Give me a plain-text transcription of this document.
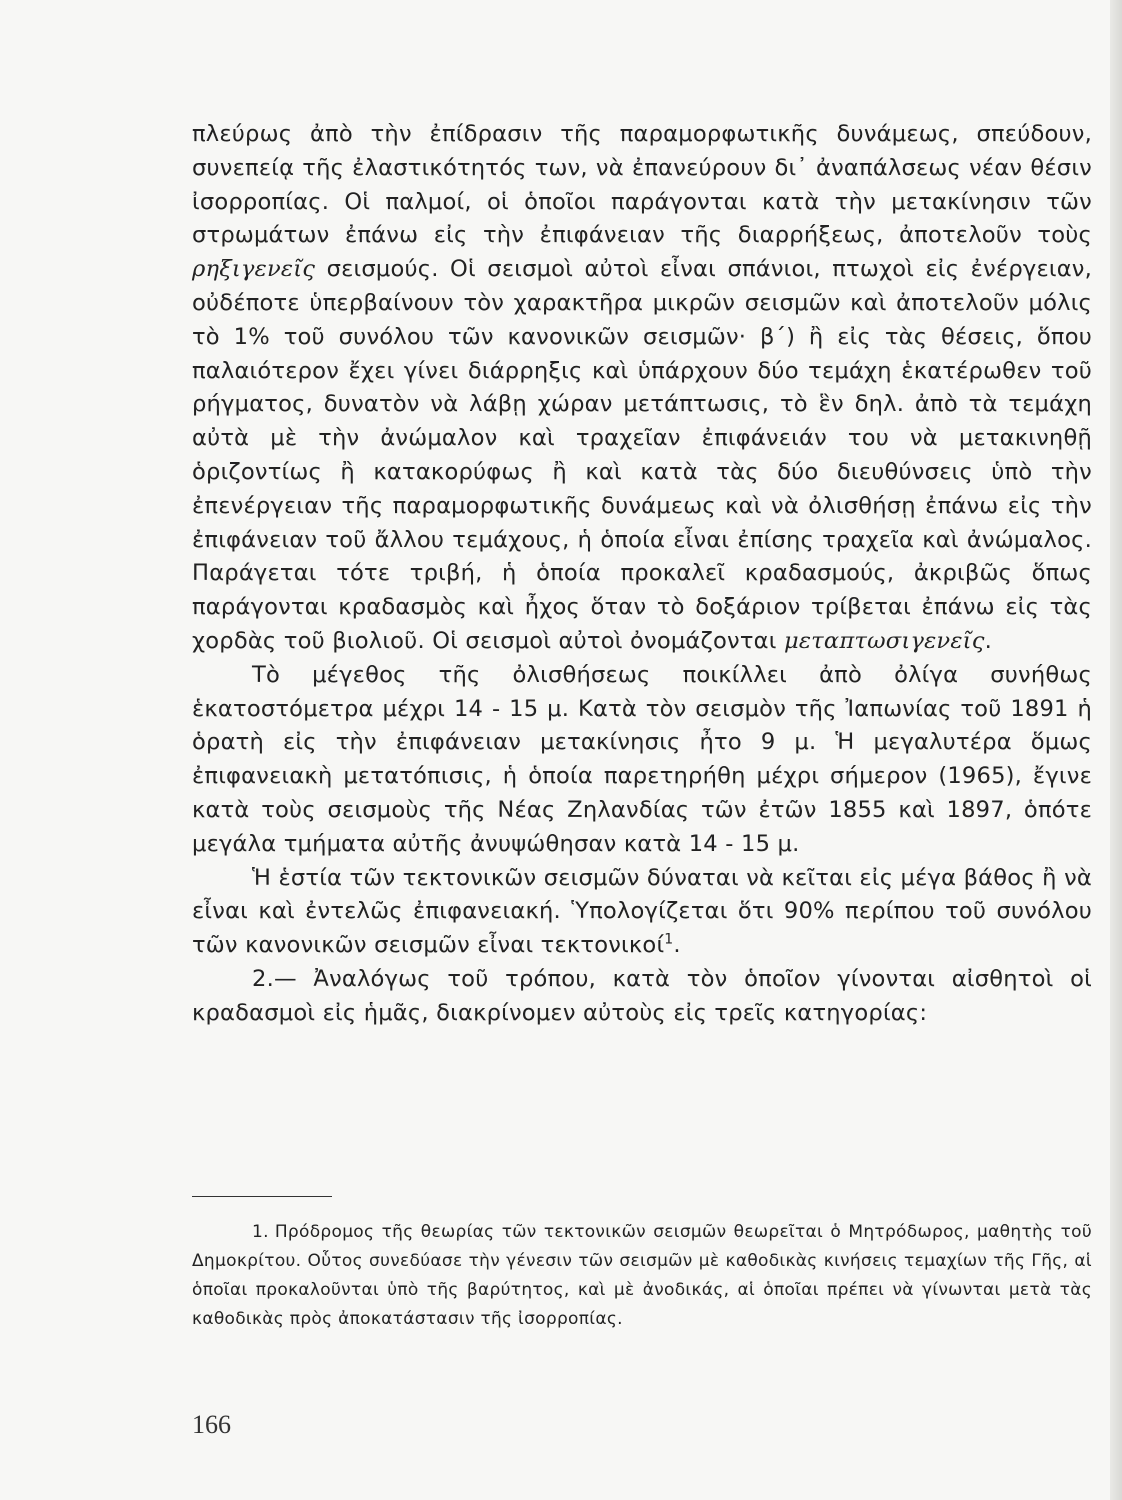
πλεύρως ἀπὸ τὴν ἐπίδρασιν τῆς παραμορφωτικῆς δυνάμεως, σπεύδουν, συνεπείᾳ τῆς ἐλαστικότητός των, νὰ ἐπανεύρουν δι᾽ ἀναπάλσεως νέαν θέσιν ἰσορροπίας. Οἱ παλμοί, οἱ ὁποῖοι παράγονται κατὰ τὴν μετακίνησιν τῶν στρωμάτων ἐπάνω εἰς τὴν ἐπιφάνειαν τῆς διαρρήξεως, ἀποτελοῦν τοὺς ρηξιγενεῖς σεισμούς. Οἱ σεισμοὶ αὐτοὶ εἶναι σπάνιοι, πτωχοὶ εἰς ἐνέργειαν, οὐδέποτε ὑπερβαίνουν τὸν χαρακτῆρα μικρῶν σεισμῶν καὶ ἀποτελοῦν μόλις τὸ 1% τοῦ συνόλου τῶν κανονικῶν σεισμῶν· β΄) ἢ εἰς τὰς θέσεις, ὅπου παλαιότερον ἔχει γίνει διάρρηξις καὶ ὑπάρχουν δύο τεμάχη ἑκατέρωθεν τοῦ ρήγματος, δυνατὸν νὰ λάβῃ χώραν μετάπτωσις, τὸ ἓν δηλ. ἀπὸ τὰ τεμάχη αὐτὰ μὲ τὴν ἀνώμαλον καὶ τραχεῖαν ἐπιφάνειάν του νὰ μετακινηθῇ ὁριζοντίως ἢ κατακορύφως ἢ καὶ κατὰ τὰς δύο διευθύνσεις ὑπὸ τὴν ἐπενέργειαν τῆς παραμορφωτικῆς δυνάμεως καὶ νὰ ὀλισθήσῃ ἐπάνω εἰς τὴν ἐπιφάνειαν τοῦ ἄλλου τεμάχους, ἡ ὁποία εἶναι ἐπίσης τραχεῖα καὶ ἀνώμαλος. Παράγεται τότε τριβή, ἡ ὁποία προκαλεῖ κραδασμούς, ἀκριβῶς ὅπως παράγονται κραδασμὸς καὶ ἦχος ὅταν τὸ δοξάριον τρίβεται ἐπάνω εἰς τὰς χορδὰς τοῦ βιολιοῦ. Οἱ σεισμοὶ αὐτοὶ ὀνομάζονται μεταπτωσιγενεῖς.

Τὸ μέγεθος τῆς ὀλισθήσεως ποικίλλει ἀπὸ ὀλίγα συνήθως ἑκατοστόμετρα μέχρι 14 - 15 μ. Κατὰ τὸν σεισμὸν τῆς Ἰαπωνίας τοῦ 1891 ἡ ὁρατὴ εἰς τὴν ἐπιφάνειαν μετακίνησις ἦτο 9 μ. Ἡ μεγαλυτέρα ὅμως ἐπιφανειακὴ μετατόπισις, ἡ ὁποία παρετηρήθη μέχρι σήμερον (1965), ἔγινε κατὰ τοὺς σεισμοὺς τῆς Νέας Ζηλανδίας τῶν ἐτῶν 1855 καὶ 1897, ὁπότε μεγάλα τμήματα αὐτῆς ἀνυψώθησαν κατὰ 14 - 15 μ.

Ἡ ἑστία τῶν τεκτονικῶν σεισμῶν δύναται νὰ κεῖται εἰς μέγα βάθος ἢ νὰ εἶναι καὶ ἐντελῶς ἐπιφανειακή. Ὑπολογίζεται ὅτι 90% περίπου τοῦ συνόλου τῶν κανονικῶν σεισμῶν εἶναι τεκτονικοί$^1$.

2.— Ἀναλόγως τοῦ τρόπου, κατὰ τὸν ὁποῖον γίνονται αἰσθητοὶ οἱ κραδασμοὶ εἰς ἡμᾶς, διακρίνομεν αὐτοὺς εἰς τρεῖς κατηγορίας:

1. Πρόδρομος τῆς θεωρίας τῶν τεκτονικῶν σεισμῶν θεωρεῖται ὁ Μητρόδωρος, μαθητὴς τοῦ Δημοκρίτου. Οὗτος συνεδύασε τὴν γένεσιν τῶν σεισμῶν μὲ καθοδικὰς κινήσεις τεμαχίων τῆς Γῆς, αἱ ὁποῖαι προκαλοῦνται ὑπὸ τῆς βαρύτητος, καὶ μὲ ἀνοδικάς, αἱ ὁποῖαι πρέπει νὰ γίνωνται μετὰ τὰς καθοδικὰς πρὸς ἀποκατάστασιν τῆς ἰσορροπίας.
166
